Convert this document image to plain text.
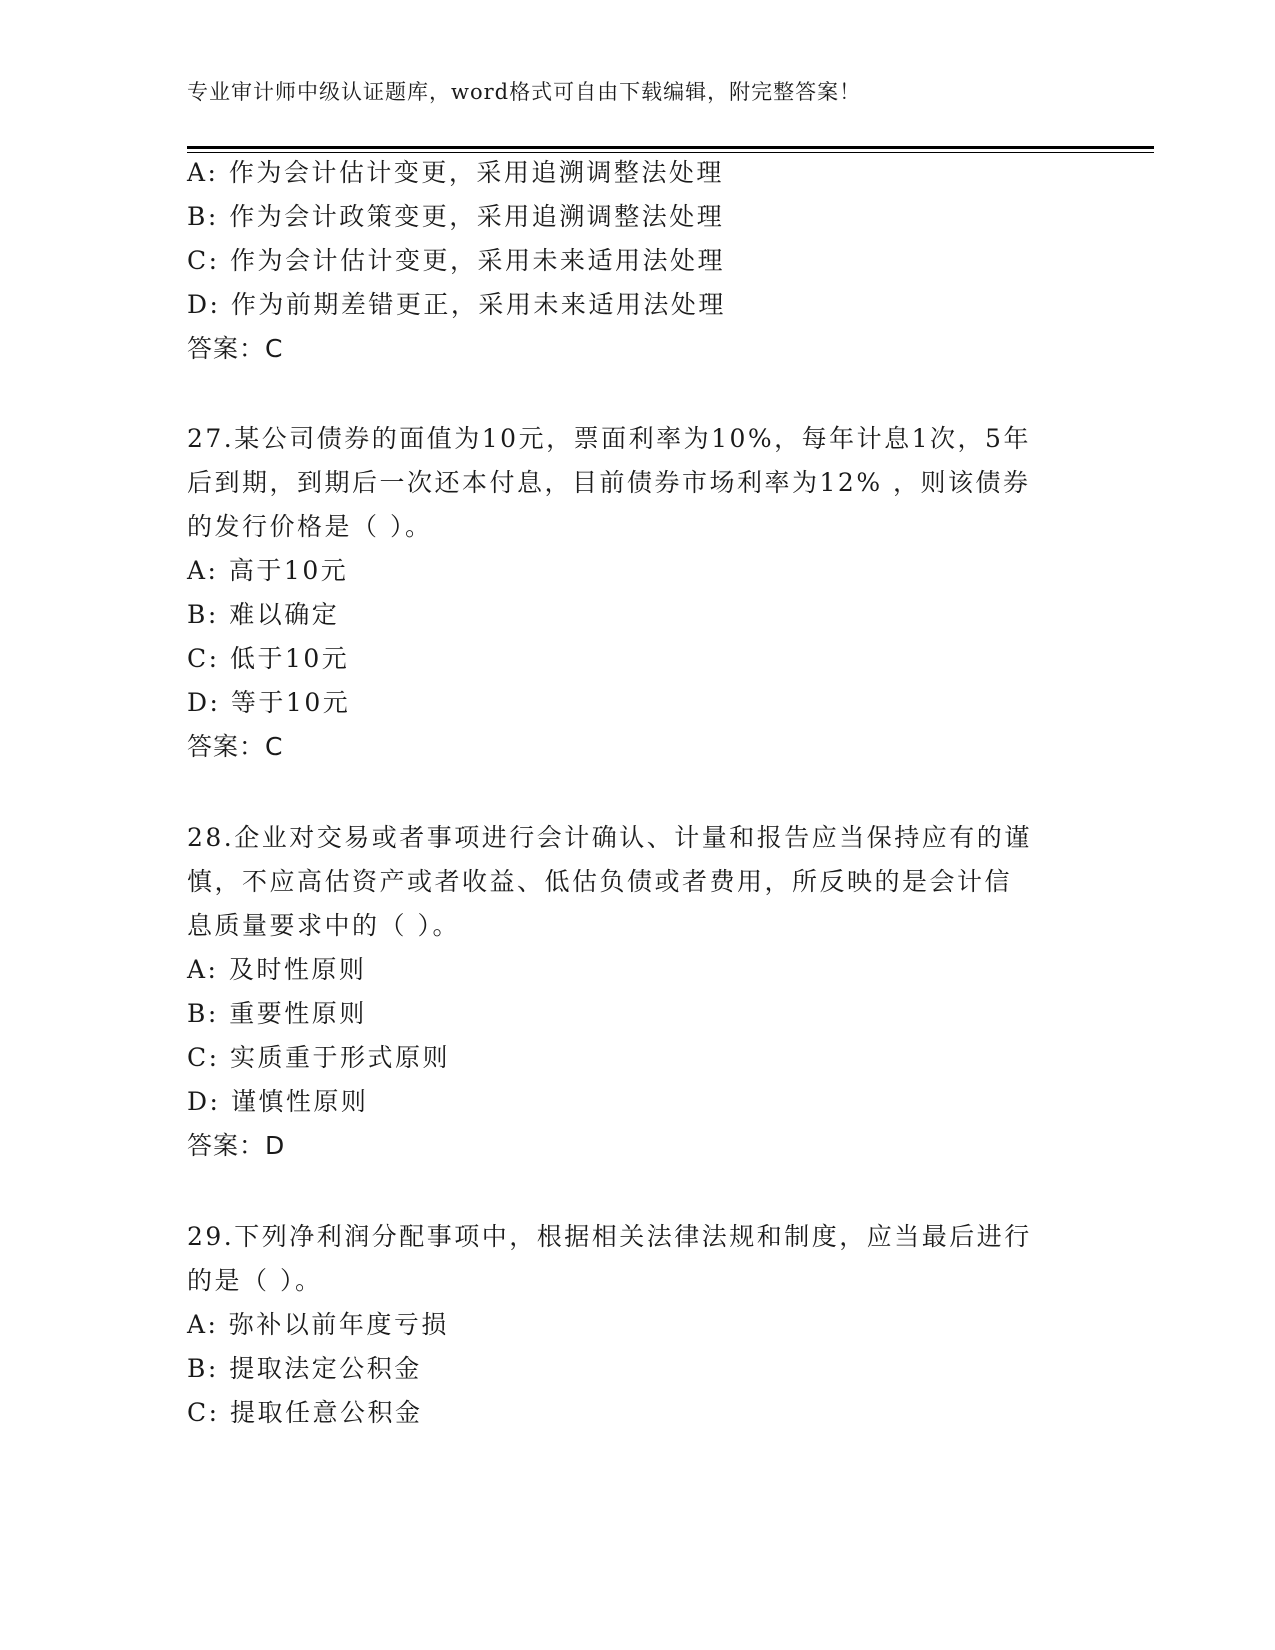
专业审计师中级认证题库，word格式可自由下载编辑，附完整答案！
A: 作为会计估计变更，采用追溯调整法处理
B: 作为会计政策变更，采用追溯调整法处理
C: 作为会计估计变更，采用未来适用法处理
D: 作为前期差错更正，采用未来适用法处理
答案：C
27.某公司债券的面值为10元，票面利率为10%，每年计息1次，5年
后到期，到期后一次还本付息，目前债券市场利率为12% ，则该债券
的发行价格是（ ）。
A: 高于10元
B: 难以确定
C: 低于10元
D: 等于10元
答案：C
28.企业对交易或者事项进行会计确认、计量和报告应当保持应有的谨
慎，不应高估资产或者收益、低估负债或者费用，所反映的是会计信
息质量要求中的（ ）。
A: 及时性原则
B: 重要性原则
C: 实质重于形式原则
D: 谨慎性原则
答案：D
29.下列净利润分配事项中，根据相关法律法规和制度，应当最后进行
的是（ ）。
A: 弥补以前年度亏损
B: 提取法定公积金
C: 提取任意公积金
